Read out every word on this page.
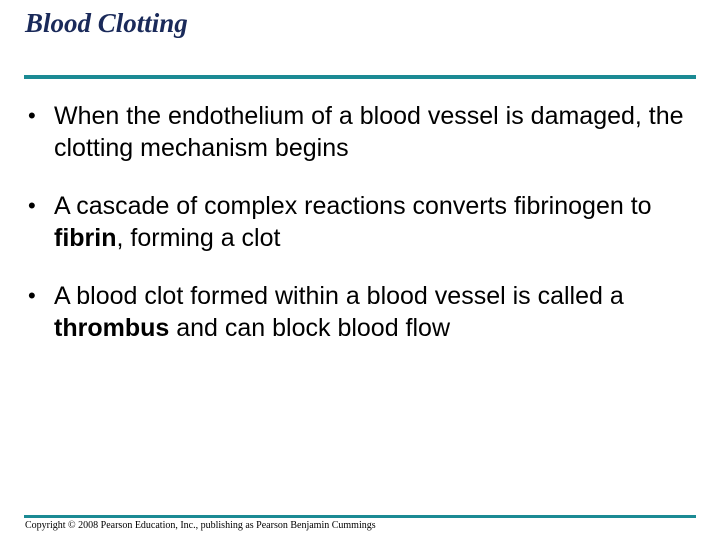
Blood Clotting
• When the endothelium of a blood vessel is damaged, the clotting mechanism begins
• A cascade of complex reactions converts fibrinogen to fibrin, forming a clot
• A blood clot formed within a blood vessel is called a thrombus and can block blood flow
Copyright © 2008 Pearson Education, Inc., publishing as Pearson Benjamin Cummings
